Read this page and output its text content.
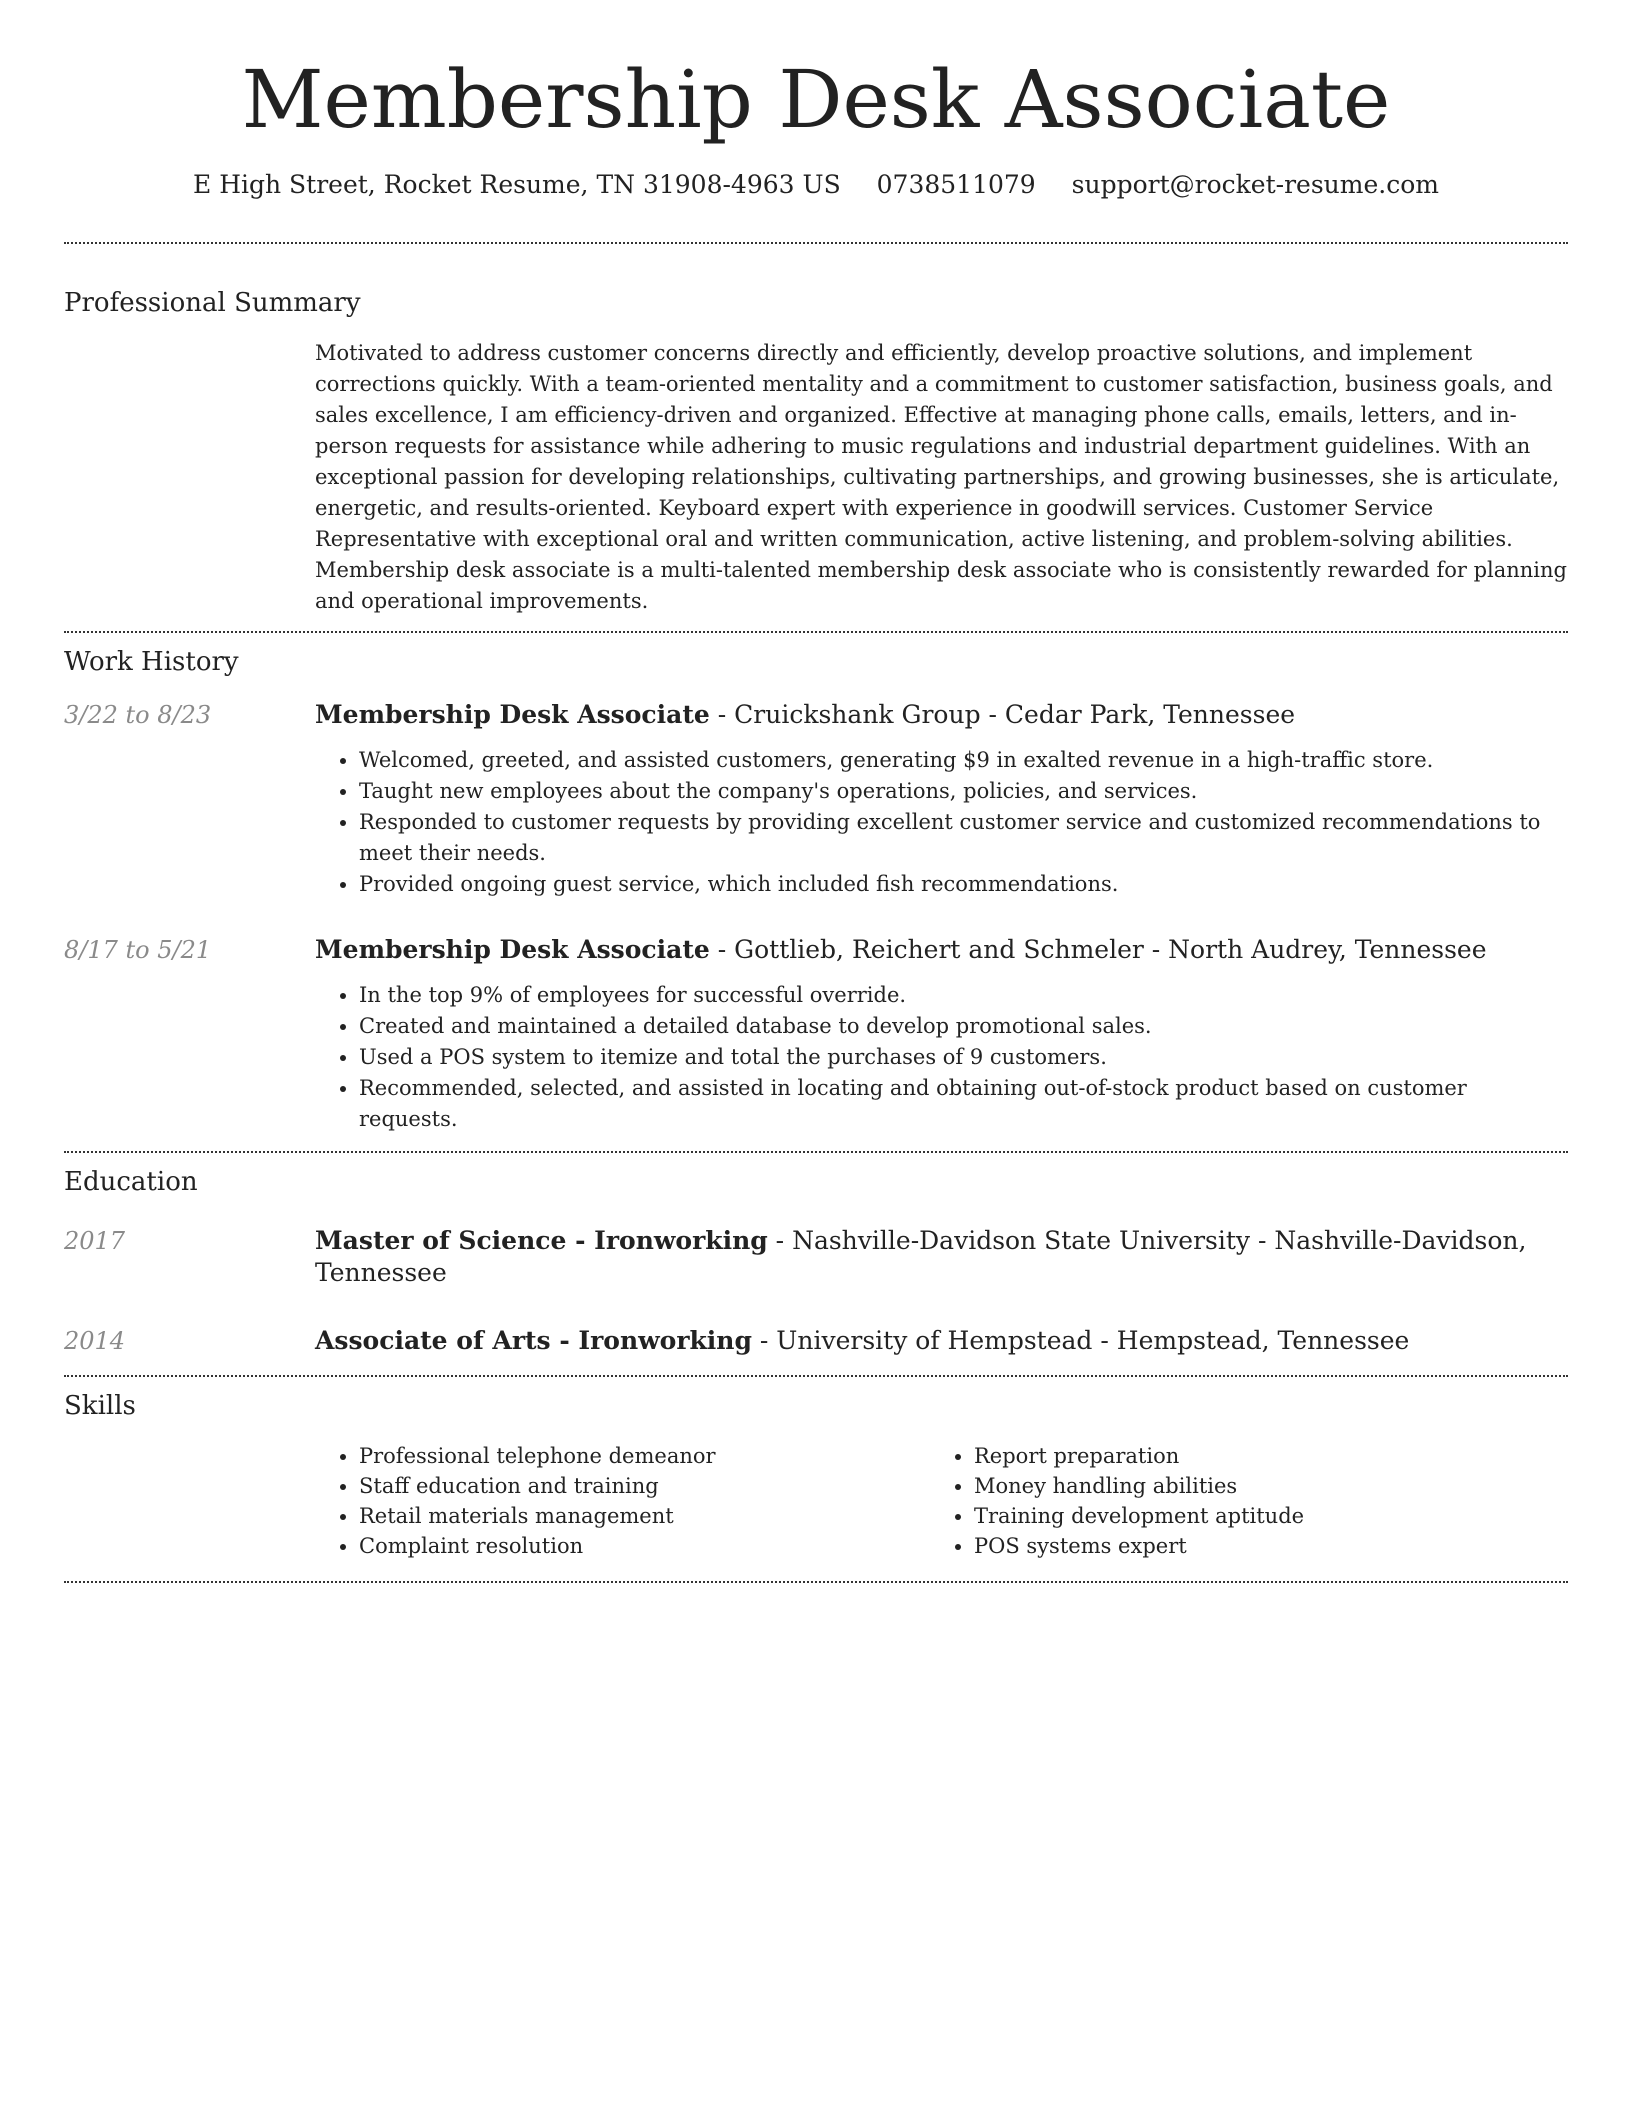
Membership Desk Associate
E High Street, Rocket Resume, TN 31908-4963 US 0738511079 support@rocket-resume.com
Professional Summary
Motivated to address customer concerns directly and efficiently, develop proactive solutions, and implement corrections quickly. With a team-oriented mentality and a commitment to customer satisfaction, business goals, and sales excellence, I am efficiency-driven and organized. Effective at managing phone calls, emails, letters, and in-person requests for assistance while adhering to music regulations and industrial department guidelines. With an exceptional passion for developing relationships, cultivating partnerships, and growing businesses, she is articulate, energetic, and results-oriented. Keyboard expert with experience in goodwill services. Customer Service Representative with exceptional oral and written communication, active listening, and problem-solving abilities. Membership desk associate is a multi-talented membership desk associate who is consistently rewarded for planning and operational improvements.
Work History
3/22 to 8/23	Membership Desk Associate - Cruickshank Group - Cedar Park, Tennessee
• Welcomed, greeted, and assisted customers, generating $9 in exalted revenue in a high-traffic store.
• Taught new employees about the company's operations, policies, and services.
• Responded to customer requests by providing excellent customer service and customized recommendations to meet their needs.
• Provided ongoing guest service, which included fish recommendations.
8/17 to 5/21	Membership Desk Associate - Gottlieb, Reichert and Schmeler - North Audrey, Tennessee
• In the top 9% of employees for successful override.
• Created and maintained a detailed database to develop promotional sales.
• Used a POS system to itemize and total the purchases of 9 customers.
• Recommended, selected, and assisted in locating and obtaining out-of-stock product based on customer requests.
Education
2017	Master of Science - Ironworking - Nashville-Davidson State University - Nashville-Davidson, Tennessee
2014	Associate of Arts - Ironworking - University of Hempstead - Hempstead, Tennessee
Skills
• Professional telephone demeanor
• Staff education and training
• Retail materials management
• Complaint resolution
• Report preparation
• Money handling abilities
• Training development aptitude
• POS systems expert
